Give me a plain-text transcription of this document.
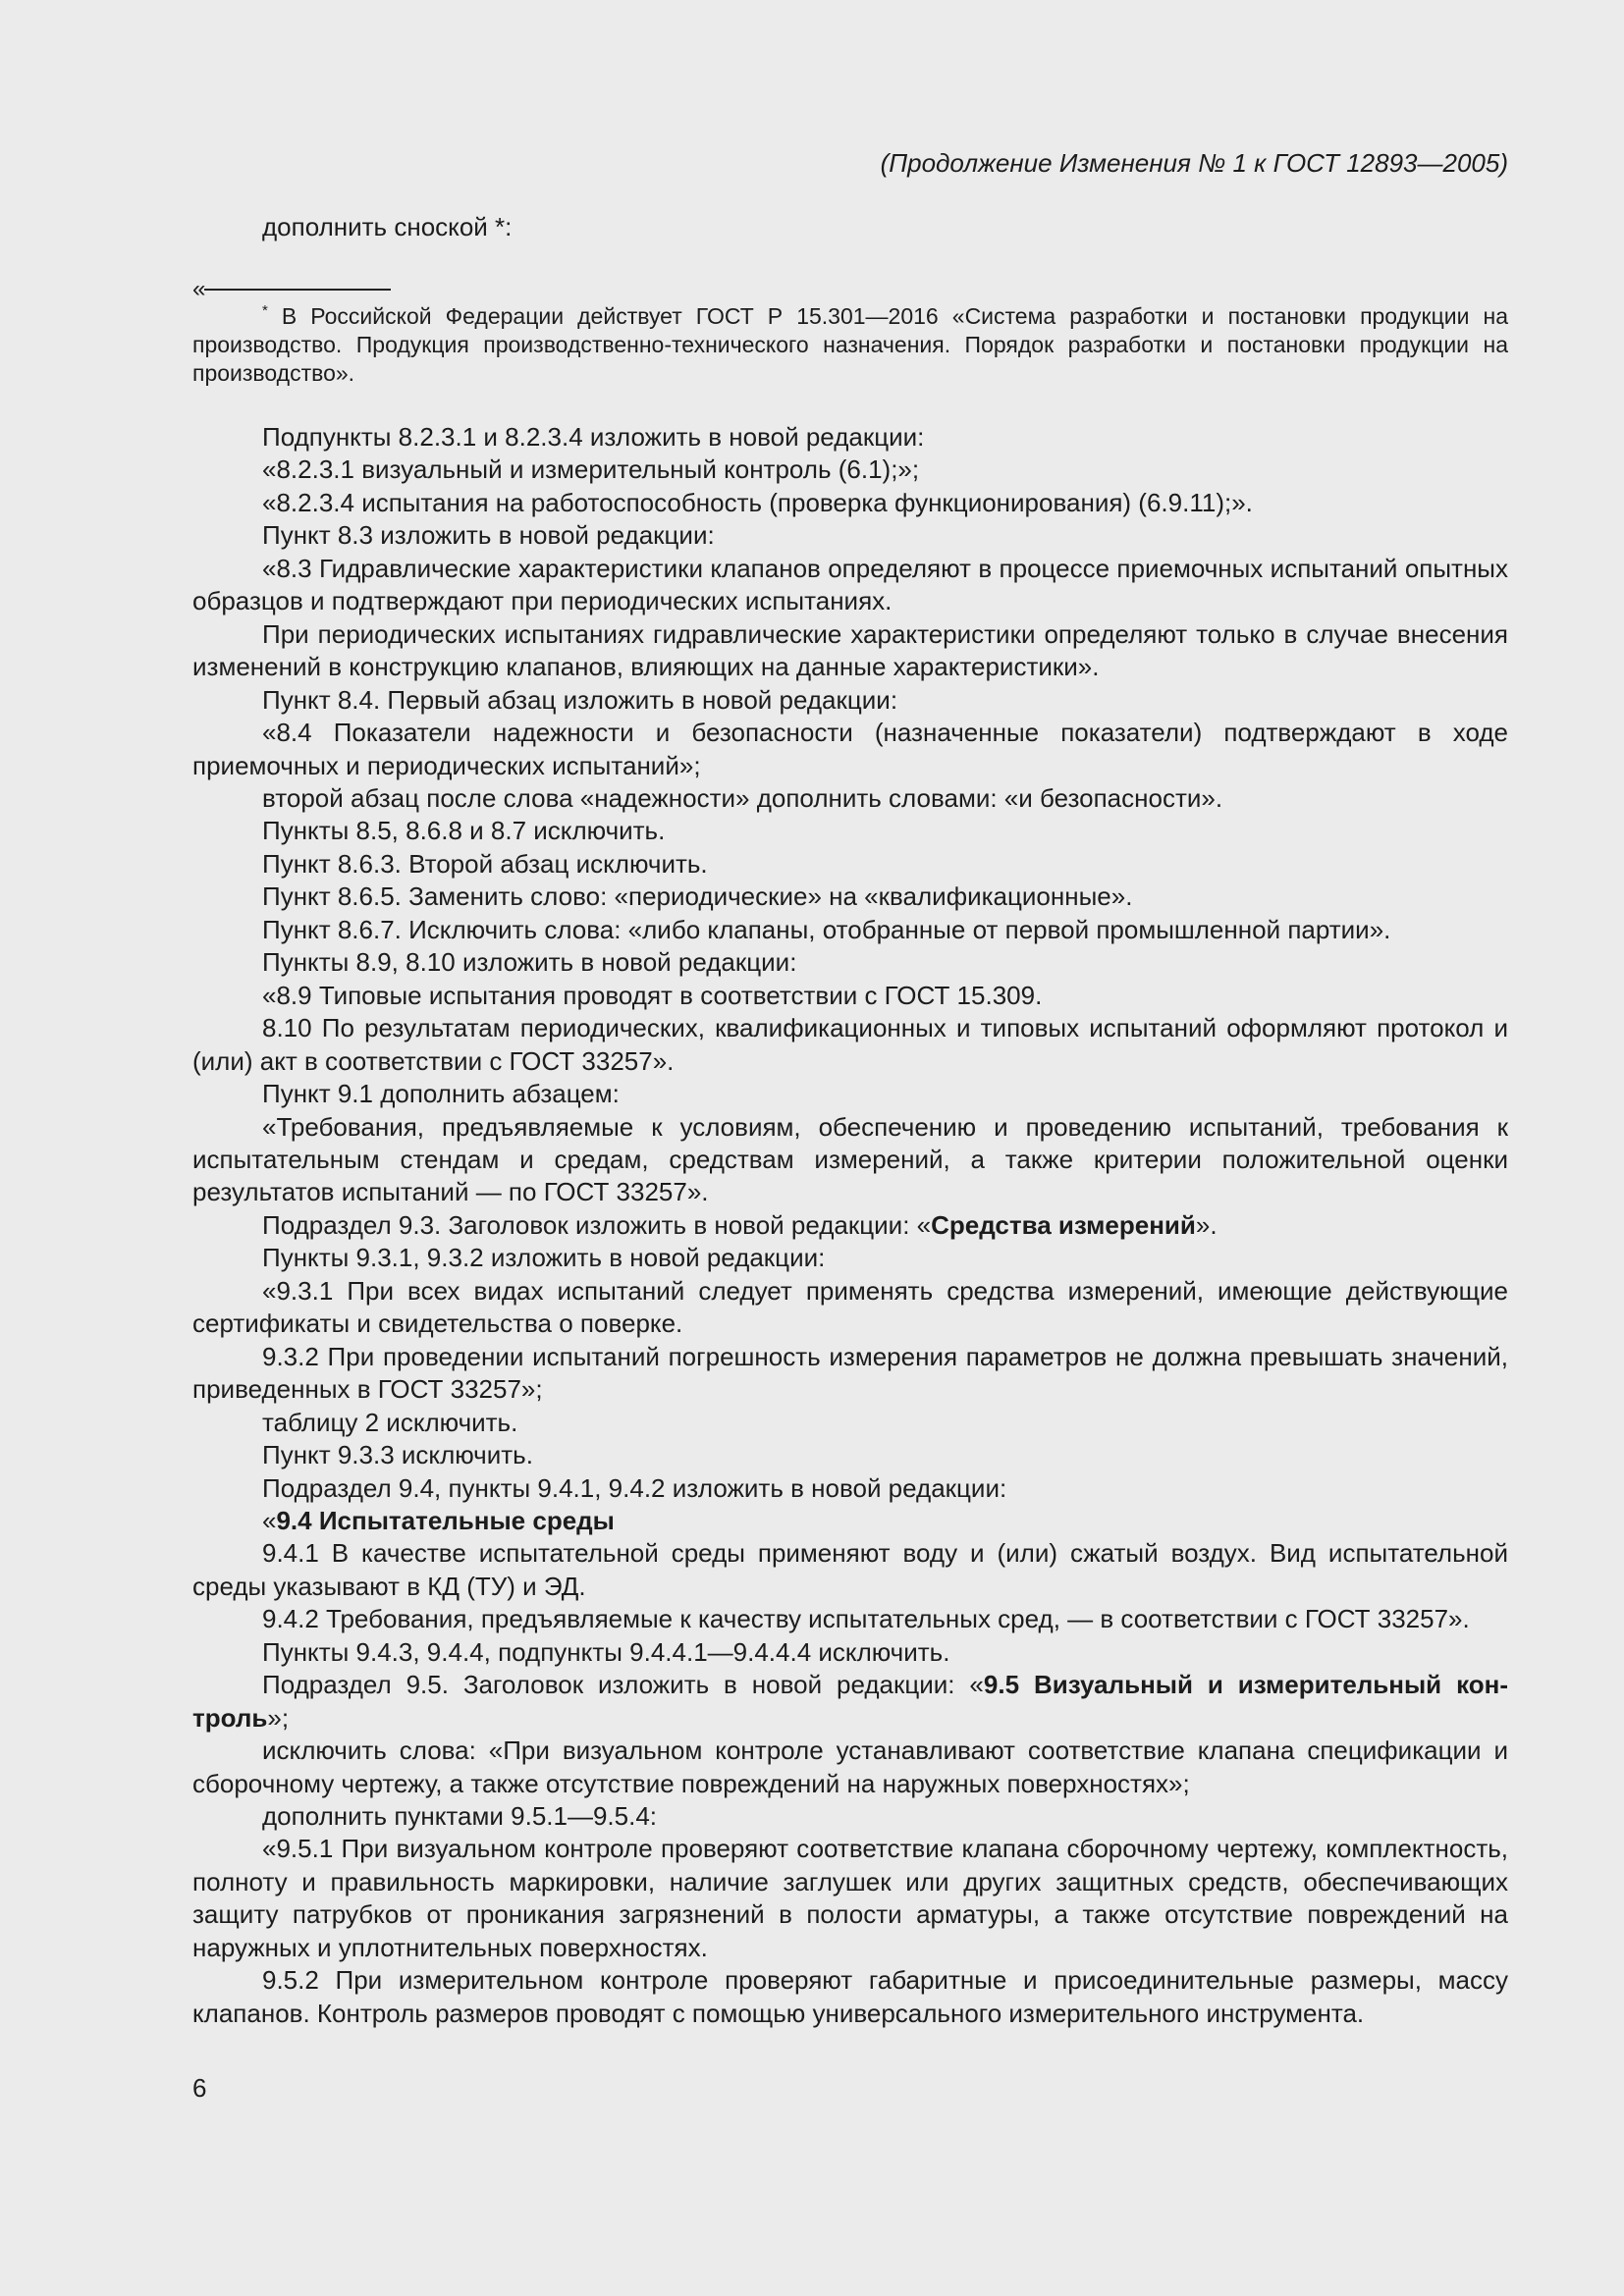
(Продолжение Изменения № 1 к ГОСТ 12893—2005)
дополнить сноской *:
«
* В Российской Федерации действует ГОСТ Р 15.301—2016 «Система разработки и постановки продукции на производство. Продукция производственно-технического назначения. Порядок разработки и постановки продукции на производство».

Подпункты 8.2.3.1 и 8.2.3.4 изложить в новой редакции:

«8.2.3.1 визуальный и измерительный контроль (6.1);»;

«8.2.3.4 испытания на работоспособность (проверка функционирования) (6.9.11);».

Пункт 8.3 изложить в новой редакции:

«8.3 Гидравлические характеристики клапанов определяют в процессе приемочных испытаний опытных образцов и подтверждают при периодических испытаниях.

При периодических испытаниях гидравлические характеристики определяют только в случае внесения изменений в конструкцию клапанов, влияющих на данные характеристики».

Пункт 8.4. Первый абзац изложить в новой редакции:

«8.4 Показатели надежности и безопасности (назначенные показатели) подтверждают в ходе приемочных и периодических испытаний»;

второй абзац после слова «надежности» дополнить словами: «и безопасности».

Пункты 8.5, 8.6.8 и 8.7 исключить.

Пункт 8.6.3. Второй абзац исключить.

Пункт 8.6.5. Заменить слово: «периодические» на «квалификационные».

Пункт 8.6.7. Исключить слова: «либо клапаны, отобранные от первой промышленной партии».

Пункты 8.9, 8.10 изложить в новой редакции:

«8.9 Типовые испытания проводят в соответствии с ГОСТ 15.309.

8.10 По результатам периодических, квалификационных и типовых испытаний оформляют протокол и (или) акт в соответствии с ГОСТ 33257».

Пункт 9.1 дополнить абзацем:

«Требования, предъявляемые к условиям, обеспечению и проведению испытаний, требования к испытательным стендам и средам, средствам измерений, а также критерии положительной оценки результатов испытаний — по ГОСТ 33257».

Подраздел 9.3. Заголовок изложить в новой редакции: «Средства измерений».

Пункты 9.3.1, 9.3.2 изложить в новой редакции:

«9.3.1 При всех видах испытаний следует применять средства измерений, имеющие действующие сертификаты и свидетельства о поверке.

9.3.2 При проведении испытаний погрешность измерения параметров не должна превышать значений, приведенных в ГОСТ 33257»;

таблицу 2 исключить.

Пункт 9.3.3 исключить.

Подраздел 9.4, пункты 9.4.1, 9.4.2 изложить в новой редакции:

«9.4 Испытательные среды

9.4.1 В качестве испытательной среды применяют воду и (или) сжатый воздух. Вид испытательной среды указывают в КД (ТУ) и ЭД.

9.4.2 Требования, предъявляемые к качеству испытательных сред, — в соответствии с ГОСТ 33257».

Пункты 9.4.3, 9.4.4, подпункты 9.4.4.1—9.4.4.4 исключить.

Подраздел 9.5. Заголовок изложить в новой редакции: «9.5 Визуальный и измерительный контроль»;

исключить слова: «При визуальном контроле устанавливают соответствие клапана спецификации и сборочному чертежу, а также отсутствие повреждений на наружных поверхностях»;

дополнить пунктами 9.5.1—9.5.4:

«9.5.1 При визуальном контроле проверяют соответствие клапана сборочному чертежу, комплектность, полноту и правильность маркировки, наличие заглушек или других защитных средств, обеспечивающих защиту патрубков от проникания загрязнений в полости арматуры, а также отсутствие повреждений на наружных и уплотнительных поверхностях.

9.5.2 При измерительном контроле проверяют габаритные и присоединительные размеры, массу клапанов. Контроль размеров проводят с помощью универсального измерительного инструмента.

6
